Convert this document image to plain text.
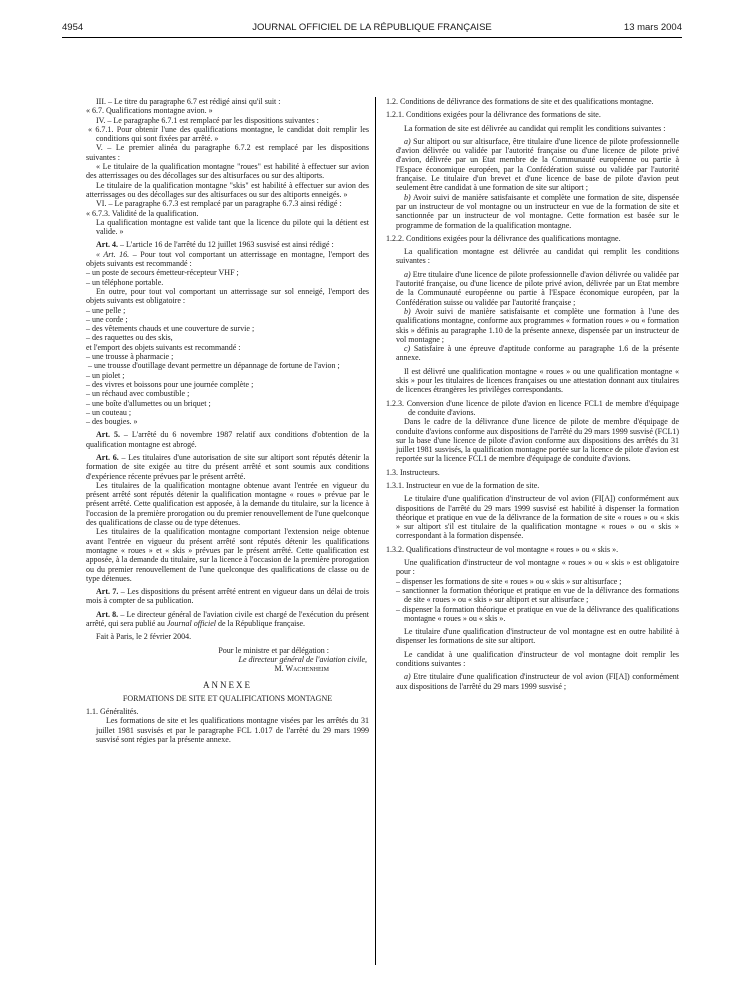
4954	JOURNAL OFFICIEL DE LA RÉPUBLIQUE FRANÇAISE	13 mars 2004

III. – Le titre du paragraphe 6.7 est rédigé ainsi qu'il suit :

« 6.7. Qualifications montagne avion. »

IV. – Le paragraphe 6.7.1 est remplacé par les dispositions suivantes :

« 6.7.1. Pour obtenir l'une des qualifications montagne, le candidat doit remplir les conditions qui sont fixées par arrêté. »

V. – Le premier alinéa du paragraphe 6.7.2 est remplacé par les dispositions suivantes :

« Le titulaire de la qualification montagne "roues" est habilité à effectuer sur avion des atterrissages ou des décollages sur des altisurfaces ou sur des altiports.

Le titulaire de la qualification montagne "skis" est habilité à effectuer sur avion des atterrissages ou des décollages sur des altisurfaces ou sur des altiports enneigés. »

VI. – Le paragraphe 6.7.3 est remplacé par un paragraphe 6.7.3 ainsi rédigé :

« 6.7.3. Validité de la qualification.

La qualification montagne est valide tant que la licence du pilote qui la détient est valide. »

Art. 4. – L'article 16 de l'arrêté du 12 juillet 1963 susvisé est ainsi rédigé :

« Art. 16. – Pour tout vol comportant un atterrissage en montagne, l'emport des objets suivants est recommandé :

– un poste de secours émetteur-récepteur VHF ;

– un téléphone portable.

En outre, pour tout vol comportant un atterrissage sur sol enneigé, l'emport des objets suivants est obligatoire :

– une pelle ;

– une corde ;

– des vêtements chauds et une couverture de survie ;

– des raquettes ou des skis,

et l'emport des objets suivants est recommandé :

– une trousse à pharmacie ;

– une trousse d'outillage devant permettre un dépannage de fortune de l'avion ;

– un piolet ;

– des vivres et boissons pour une journée complète ;

– un réchaud avec combustible ;

– une boîte d'allumettes ou un briquet ;

– un couteau ;

– des bougies. »

Art. 5. – L'arrêté du 6 novembre 1987 relatif aux conditions d'obtention de la qualification montagne est abrogé.

Art. 6. – Les titulaires d'une autorisation de site sur altiport sont réputés détenir la formation de site exigée au titre du présent arrêté et sont soumis aux conditions d'expérience récente prévues par le présent arrêté.

Les titulaires de la qualification montagne obtenue avant l'entrée en vigueur du présent arrêté sont réputés détenir la qualification montagne « roues » prévue par le présent arrêté. Cette qualification est apposée, à la demande du titulaire, sur la licence à l'occasion de la première prorogation ou du premier renouvellement de l'une quelconque des qualifications de classe ou de type détenues.

Les titulaires de la qualification montagne comportant l'extension neige obtenue avant l'entrée en vigueur du présent arrêté sont réputés détenir les qualifications montagne « roues » et « skis » prévues par le présent arrêté. Cette qualification est apposée, à la demande du titulaire, sur la licence à l'occasion de la première prorogation ou du premier renouvellement de l'une quelconque des qualifications de classe ou de type détenues.

Art. 7. – Les dispositions du présent arrêté entrent en vigueur dans un délai de trois mois à compter de sa publication.

Art. 8. – Le directeur général de l'aviation civile est chargé de l'exécution du présent arrêté, qui sera publié au Journal officiel de la République française.

Fait à Paris, le 2 février 2004.

Pour le ministre et par délégation :

Le directeur général de l'aviation civile,

M. Wachenheim

ANNEXE

FORMATIONS DE SITE ET QUALIFICATIONS MONTAGNE

1.1. Généralités.

Les formations de site et les qualifications montagne visées par les arrêtés du 31 juillet 1981 susvisés et par le paragraphe FCL 1.017 de l'arrêté du 29 mars 1999 susvisé sont régies par la présente annexe.

1.2. Conditions de délivrance des formations de site et des qualifications montagne.

1.2.1. Conditions exigées pour la délivrance des formations de site.

La formation de site est délivrée au candidat qui remplit les conditions suivantes :

a) Sur altiport ou sur altisurface, être titulaire d'une licence de pilote professionnelle d'avion délivrée ou validée par l'autorité française ou d'une licence de pilote privé d'avion, délivrée par un Etat membre de la Communauté européenne ou partie à l'Espace économique européen, par la Confédération suisse ou validée par l'autorité française. Le titulaire d'un brevet et d'une licence de base de pilote d'avion peut seulement être candidat à une formation de site sur altiport ;

b) Avoir suivi de manière satisfaisante et complète une formation de site, dispensée par un instructeur de vol montagne ou un instructeur en vue de la formation de site et sanctionnée par un instructeur de vol montagne. Cette formation est basée sur le programme de formation de la qualification montagne.

1.2.2. Conditions exigées pour la délivrance des qualifications montagne.

La qualification montagne est délivrée au candidat qui remplit les conditions suivantes :

a) Etre titulaire d'une licence de pilote professionnelle d'avion délivrée ou validée par l'autorité française, ou d'une licence de pilote privé avion, délivrée par un Etat membre de la Communauté européenne ou partie à l'Espace économique européen, par la Confédération suisse ou validée par l'autorité française ;

b) Avoir suivi de manière satisfaisante et complète une formation à l'une des qualifications montagne, conforme aux programmes « formation roues » ou « formation skis » définis au paragraphe 1.10 de la présente annexe, dispensée par un instructeur de vol montagne ;

c) Satisfaire à une épreuve d'aptitude conforme au paragraphe 1.6 de la présente annexe.

Il est délivré une qualification montagne « roues » ou une qualification montagne « skis » pour les titulaires de licences françaises ou une attestation donnant aux titulaires de licences étrangères les privilèges correspondants.

1.2.3. Conversion d'une licence de pilote d'avion en licence FCL1 de membre d'équipage de conduite d'avions.

Dans le cadre de la délivrance d'une licence de pilote de membre d'équipage de conduite d'avions conforme aux dispositions de l'arrêté du 29 mars 1999 susvisé (FCL1) sur la base d'une licence de pilote d'avion conforme aux dispositions des arrêtés du 31 juillet 1981 susvisés, la qualification montagne portée sur la licence de pilote d'avion est reportée sur la licence FCL1 de membre d'équipage de conduite d'avions.

1.3. Instructeurs.

1.3.1. Instructeur en vue de la formation de site.

Le titulaire d'une qualification d'instructeur de vol avion (FI[A]) conformément aux dispositions de l'arrêté du 29 mars 1999 susvisé est habilité à dispenser la formation théorique et pratique en vue de la délivrance de la formation de site « roues » ou « skis » sur altiport s'il est titulaire de la qualification montagne « roues » ou « skis » correspondant à la formation dispensée.

1.3.2. Qualifications d'instructeur de vol montagne « roues » ou « skis ».

Une qualification d'instructeur de vol montagne « roues » ou « skis » est obligatoire pour :

– dispenser les formations de site « roues » ou « skis » sur altisurface ;

– sanctionner la formation théorique et pratique en vue de la délivrance des formations de site « roues » ou « skis » sur altiport et sur altisurface ;

– dispenser la formation théorique et pratique en vue de la délivrance des qualifications montagne « roues » ou « skis ».

Le titulaire d'une qualification d'instructeur de vol montagne est en outre habilité à dispenser les formations de site sur altiport.

Le candidat à une qualification d'instructeur de vol montagne doit remplir les conditions suivantes :

a) Etre titulaire d'une qualification d'instructeur de vol avion (FI[A]) conformément aux dispositions de l'arrêté du 29 mars 1999 susvisé ;
